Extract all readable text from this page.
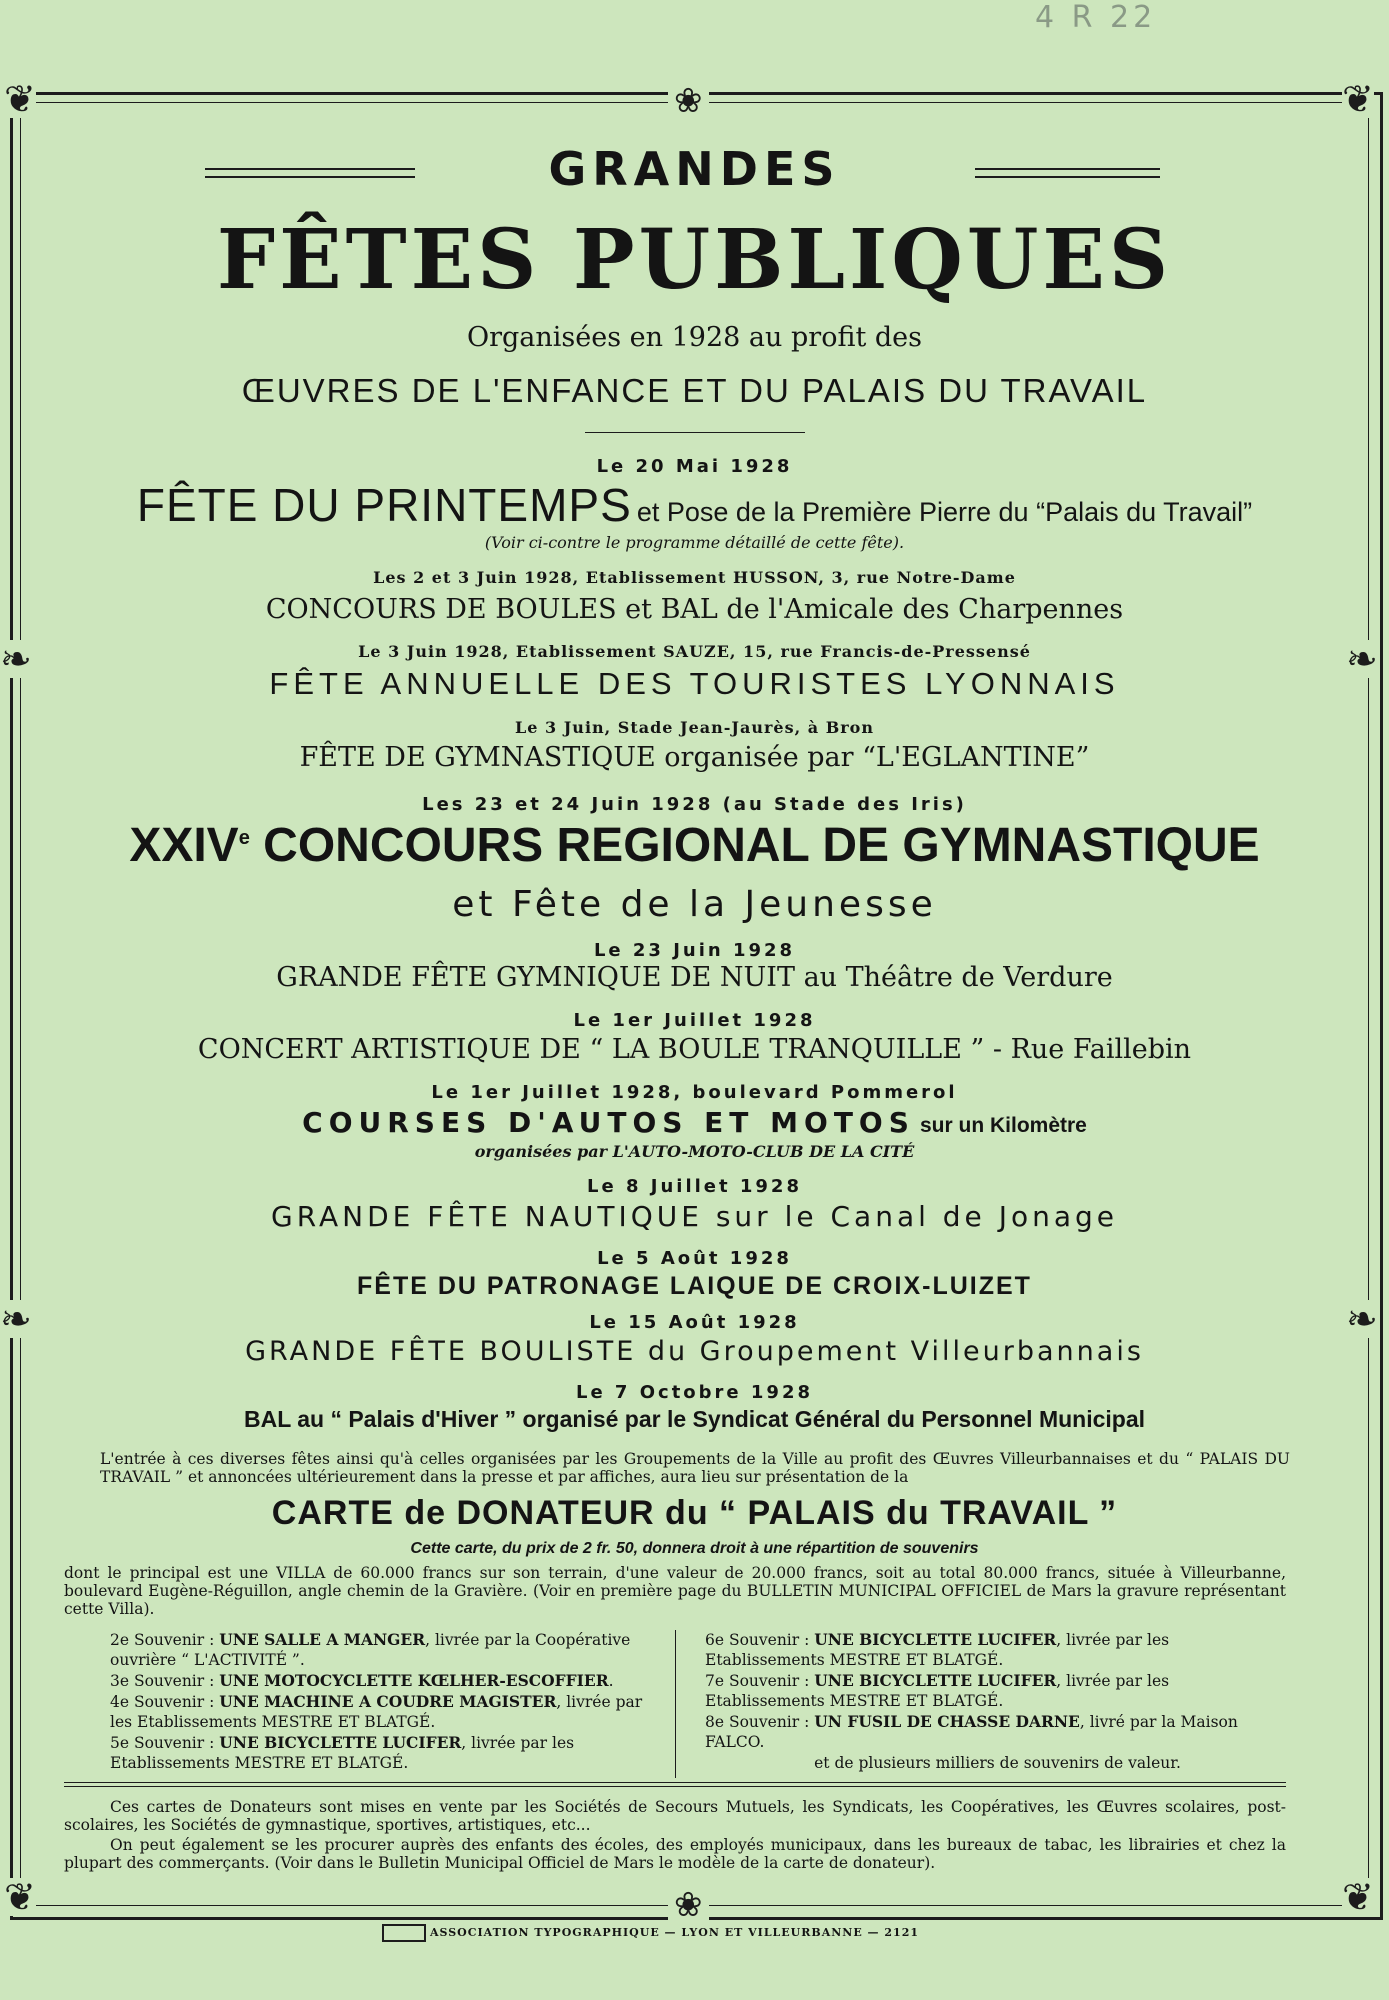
4 R 22
❦	❦
❦	❦
❀
❀
❧	❧
❧	❧
GRANDES
FÊTES PUBLIQUES
Organisées en 1928 au profit des
ŒUVRES DE L'ENFANCE ET DU PALAIS DU TRAVAIL
Le 20 Mai 1928
FÊTE DU PRINTEMPS et Pose de la Première Pierre du “Palais du Travail”
(Voir ci-contre le programme détaillé de cette fête).
Les 2 et 3 Juin 1928, Etablissement HUSSON, 3, rue Notre-Dame
CONCOURS DE BOULES et BAL de l'Amicale des Charpennes
Le 3 Juin 1928, Etablissement SAUZE, 15, rue Francis-de-Pressensé
FÊTE ANNUELLE DES TOURISTES LYONNAIS
Le 3 Juin, Stade Jean-Jaurès, à Bron
FÊTE DE GYMNASTIQUE organisée par “L'EGLANTINE”
Les 23 et 24 Juin 1928 (au Stade des Iris)
XXIVe CONCOURS REGIONAL DE GYMNASTIQUE
et Fête de la Jeunesse
Le 23 Juin 1928
GRANDE FÊTE GYMNIQUE DE NUIT au Théâtre de Verdure
Le 1er Juillet 1928
CONCERT ARTISTIQUE DE “ LA BOULE TRANQUILLE ” - Rue Faillebin
Le 1er Juillet 1928, boulevard Pommerol
COURSES D'AUTOS ET MOTOS sur un Kilomètre
organisées par L'AUTO-MOTO-CLUB DE LA CITÉ
Le 8 Juillet 1928
GRANDE FÊTE NAUTIQUE sur le Canal de Jonage
Le 5 Août 1928
FÊTE DU PATRONAGE LAIQUE DE CROIX-LUIZET
Le 15 Août 1928
GRANDE FÊTE BOULISTE du Groupement Villeurbannais
Le 7 Octobre 1928
BAL au “ Palais d'Hiver ” organisé par le Syndicat Général du Personnel Municipal
L'entrée à ces diverses fêtes ainsi qu'à celles organisées par les Groupements de la Ville au profit des Œuvres Villeurbannaises et du “ PALAIS DU TRAVAIL ” et annoncées ultérieurement dans la presse et par affiches, aura lieu sur présentation de la
CARTE de DONATEUR du “ PALAIS du TRAVAIL ”
Cette carte, du prix de 2 fr. 50, donnera droit à une répartition de souvenirs
dont le principal est une VILLA de 60.000 francs sur son terrain, d'une valeur de 20.000 francs, soit au total 80.000 francs, située à Villeurbanne, boulevard Eugène-Réguillon, angle chemin de la Gravière. (Voir en première page du BULLETIN MUNICIPAL OFFICIEL de Mars la gravure représentant cette Villa).
2e Souvenir : UNE SALLE A MANGER, livrée par la Coopérative ouvrière “ L'ACTIVITÉ ”.
3e Souvenir : UNE MOTOCYCLETTE KŒLHER-ESCOFFIER.
4e Souvenir : UNE MACHINE A COUDRE MAGISTER, livrée par les Etablissements MESTRE ET BLATGÉ.
5e Souvenir : UNE BICYCLETTE LUCIFER, livrée par les Etablissements MESTRE ET BLATGÉ.
6e Souvenir : UNE BICYCLETTE LUCIFER, livrée par les Etablissements MESTRE ET BLATGÉ.
7e Souvenir : UNE BICYCLETTE LUCIFER, livrée par les Etablissements MESTRE ET BLATGÉ.
8e Souvenir : UN FUSIL DE CHASSE DARNE, livré par la Maison FALCO.
et de plusieurs milliers de souvenirs de valeur.
Ces cartes de Donateurs sont mises en vente par les Sociétés de Secours Mutuels, les Syndicats, les Coopératives, les Œuvres scolaires, post-scolaires, les Sociétés de gymnastique, sportives, artistiques, etc...
On peut également se les procurer auprès des enfants des écoles, des employés municipaux, dans les bureaux de tabac, les librairies et chez la plupart des commerçants. (Voir dans le Bulletin Municipal Officiel de Mars le modèle de la carte de donateur).
ASSOCIATION TYPOGRAPHIQUE — LYON ET VILLEURBANNE — 2121
